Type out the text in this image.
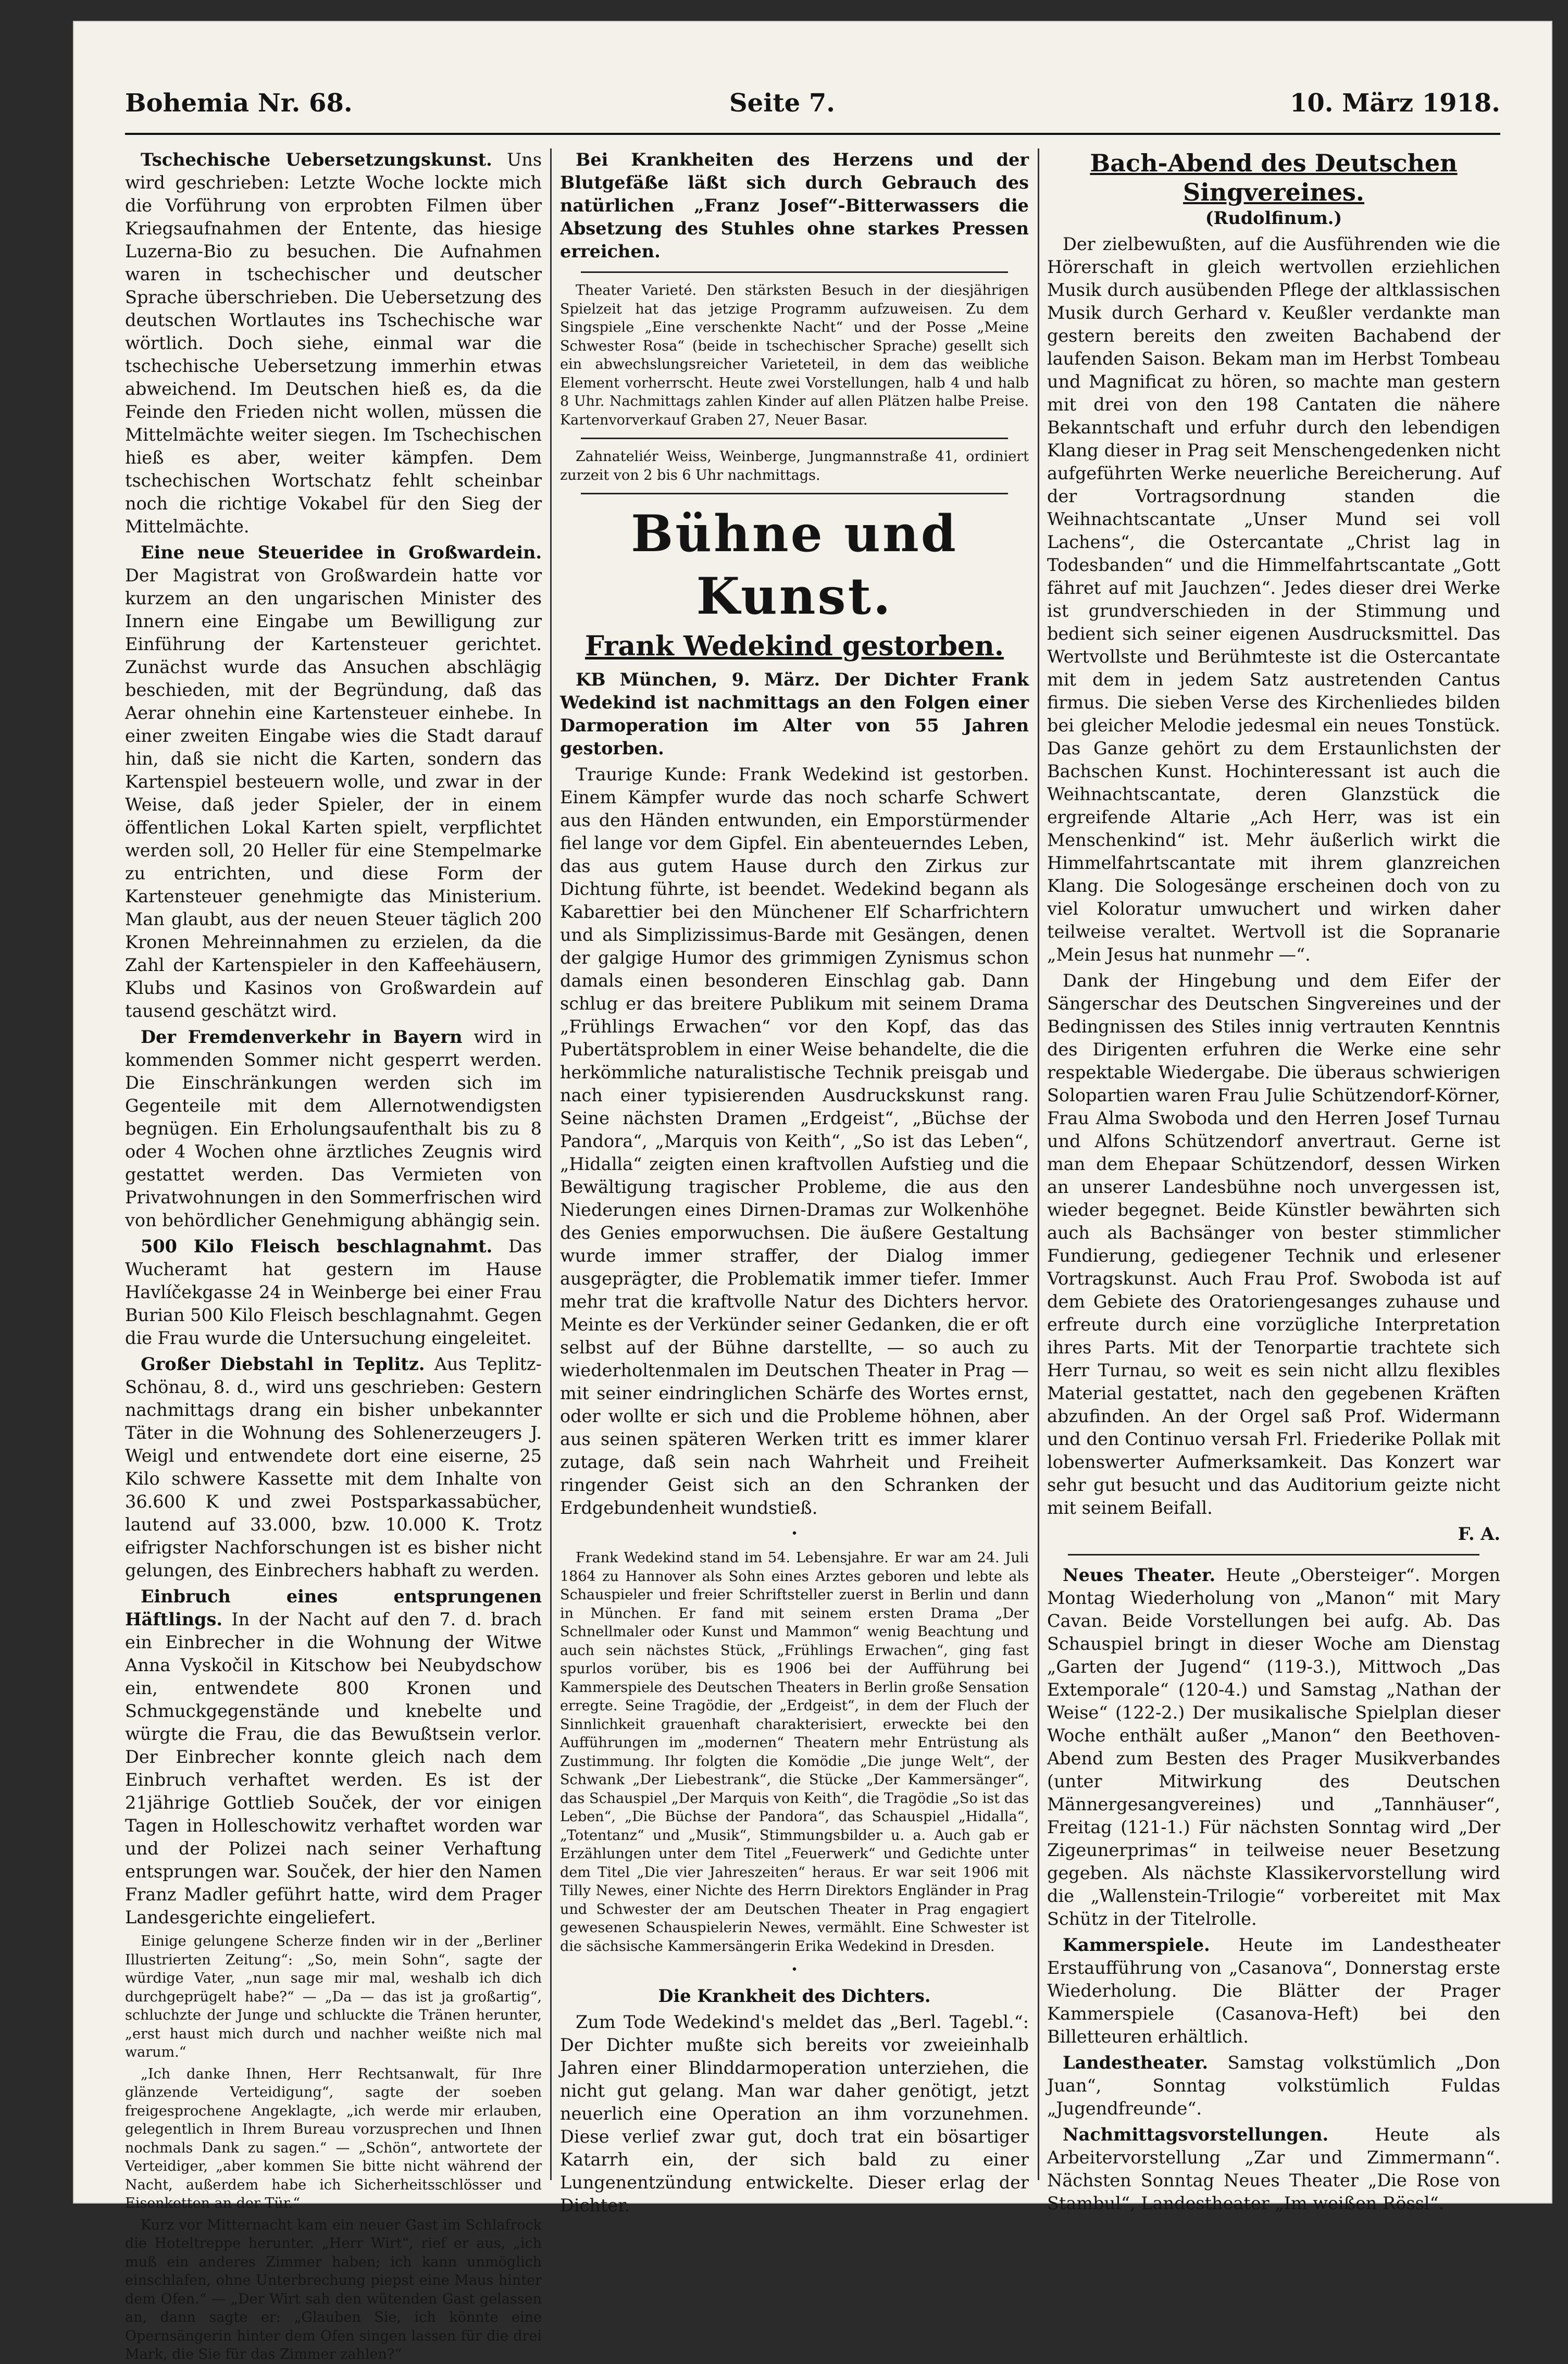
Bohemia Nr. 68.	Seite 7.	10. März 1918.

Tschechische Uebersetzungskunst. Uns wird geschrieben: Letzte Woche lockte mich die Vorführung von erprobten Filmen über Kriegsaufnahmen der Entente, das hiesige Luzerna-Bio zu besuchen. Die Aufnahmen waren in tschechischer und deutscher Sprache überschrieben. Die Uebersetzung des deutschen Wortlautes ins Tschechische war wörtlich. Doch siehe, einmal war die tschechische Uebersetzung immerhin etwas abweichend. Im Deutschen hieß es, da die Feinde den Frieden nicht wollen, müssen die Mittelmächte weiter siegen. Im Tschechischen hieß es aber, weiter kämpfen. Dem tschechischen Wortschatz fehlt scheinbar noch die richtige Vokabel für den Sieg der Mittelmächte.

Eine neue Steueridee in Großwardein. Der Magistrat von Großwardein hatte vor kurzem an den ungarischen Minister des Innern eine Eingabe um Bewilligung zur Einführung der Kartensteuer gerichtet. Zunächst wurde das Ansuchen abschlägig beschieden, mit der Begründung, daß das Aerar ohnehin eine Kartensteuer einhebe. In einer zweiten Eingabe wies die Stadt darauf hin, daß sie nicht die Karten, sondern das Kartenspiel besteuern wolle, und zwar in der Weise, daß jeder Spieler, der in einem öffentlichen Lokal Karten spielt, verpflichtet werden soll, 20 Heller für eine Stempelmarke zu entrichten, und diese Form der Kartensteuer genehmigte das Ministerium. Man glaubt, aus der neuen Steuer täglich 200 Kronen Mehreinnahmen zu erzielen, da die Zahl der Kartenspieler in den Kaffeehäusern, Klubs und Kasinos von Großwardein auf tausend geschätzt wird.

Der Fremdenverkehr in Bayern wird in kommenden Sommer nicht gesperrt werden. Die Einschränkungen werden sich im Gegenteile mit dem Allernotwendigsten begnügen. Ein Erholungsaufenthalt bis zu 8 oder 4 Wochen ohne ärztliches Zeugnis wird gestattet werden. Das Vermieten von Privatwohnungen in den Sommerfrischen wird von behördlicher Genehmigung abhängig sein.

500 Kilo Fleisch beschlagnahmt. Das Wucheramt hat gestern im Hause Havlíčekgasse 24 in Weinberge bei einer Frau Burian 500 Kilo Fleisch beschlagnahmt. Gegen die Frau wurde die Untersuchung eingeleitet.

Großer Diebstahl in Teplitz. Aus Teplitz-Schönau, 8. d., wird uns geschrieben: Gestern nachmittags drang ein bisher unbekannter Täter in die Wohnung des Sohlenerzeugers J. Weigl und entwendete dort eine eiserne, 25 Kilo schwere Kassette mit dem Inhalte von 36.600 K und zwei Postsparkassabücher, lautend auf 33.000, bzw. 10.000 K. Trotz eifrigster Nachforschungen ist es bisher nicht gelungen, des Einbrechers habhaft zu werden.

Einbruch eines entsprungenen Häftlings. In der Nacht auf den 7. d. brach ein Einbrecher in die Wohnung der Witwe Anna Vyskočil in Kitschow bei Neubydschow ein, entwendete 800 Kronen und Schmuckgegenstände und knebelte und würgte die Frau, die das Bewußtsein verlor. Der Einbrecher konnte gleich nach dem Einbruch verhaftet werden. Es ist der 21jährige Gottlieb Souček, der vor einigen Tagen in Holleschowitz verhaftet worden war und der Polizei nach seiner Verhaftung entsprungen war. Souček, der hier den Namen Franz Madler geführt hatte, wird dem Prager Landesgerichte eingeliefert.

Einige gelungene Scherze finden wir in der „Berliner Illustrierten Zeitung“: „So, mein Sohn“, sagte der würdige Vater, „nun sage mir mal, weshalb ich dich durchgeprügelt habe?“ — „Da — das ist ja großartig“, schluchzte der Junge und schluckte die Tränen herunter, „erst haust mich durch und nachher weißte nich mal warum.“

„Ich danke Ihnen, Herr Rechtsanwalt, für Ihre glänzende Verteidigung“, sagte der soeben freigesprochene Angeklagte, „ich werde mir erlauben, gelegentlich in Ihrem Bureau vorzusprechen und Ihnen nochmals Dank zu sagen.“ — „Schön“, antwortete der Verteidiger, „aber kommen Sie bitte nicht während der Nacht, außerdem habe ich Sicherheitsschlösser und Eisenketten an der Tür.“

Kurz vor Mitternacht kam ein neuer Gast im Schlafrock die Hoteltreppe herunter. „Herr Wirt“, rief er aus, „ich muß ein anderes Zimmer haben; ich kann unmöglich einschlafen, ohne Unterbrechung piepst eine Maus hinter dem Ofen.“ — „Der Wirt sah den wütenden Gast gelassen an, dann sagte er: „Glauben Sie, ich könnte eine Opernsängerin hinter dem Ofen singen lassen für die drei Mark, die Sie für das Zimmer zahlen?“

Bei Krankheiten des Herzens und der Blutgefäße läßt sich durch Gebrauch des natürlichen „Franz Josef“-Bitterwassers die Absetzung des Stuhles ohne starkes Pressen erreichen.

Theater Varieté. Den stärksten Besuch in der diesjährigen Spielzeit hat das jetzige Programm aufzuweisen. Zu dem Singspiele „Eine verschenkte Nacht“ und der Posse „Meine Schwester Rosa“ (beide in tschechischer Sprache) gesellt sich ein abwechslungsreicher Varieteteil, in dem das weibliche Element vorherrscht. Heute zwei Vorstellungen, halb 4 und halb 8 Uhr. Nachmittags zahlen Kinder auf allen Plätzen halbe Preise. Kartenvorverkauf Graben 27, Neuer Basar.

Zahnateliér Weiss, Weinberge, Jungmannstraße 41, ordiniert zurzeit von 2 bis 6 Uhr nachmittags.

Bühne und Kunst.
Frank Wedekind gestorben.

KB München, 9. März. Der Dichter Frank Wedekind ist nachmittags an den Folgen einer Darmoperation im Alter von 55 Jahren gestorben.

Traurige Kunde: Frank Wedekind ist gestorben. Einem Kämpfer wurde das noch scharfe Schwert aus den Händen entwunden, ein Emporstürmender fiel lange vor dem Gipfel. Ein abenteuerndes Leben, das aus gutem Hause durch den Zirkus zur Dichtung führte, ist beendet. Wedekind begann als Kabarettier bei den Münchener Elf Scharfrichtern und als Simplizissimus-Barde mit Gesängen, denen der galgige Humor des grimmigen Zynismus schon damals einen besonderen Einschlag gab. Dann schlug er das breitere Publikum mit seinem Drama „Frühlings Erwachen“ vor den Kopf, das das Pubertätsproblem in einer Weise behandelte, die die herkömmliche naturalistische Technik preisgab und nach einer typisierenden Ausdruckskunst rang. Seine nächsten Dramen „Erdgeist“, „Büchse der Pandora“, „Marquis von Keith“, „So ist das Leben“, „Hidalla“ zeigten einen kraftvollen Aufstieg und die Bewältigung tragischer Probleme, die aus den Niederungen eines Dirnen-Dramas zur Wolkenhöhe des Genies emporwuchsen. Die äußere Gestaltung wurde immer straffer, der Dialog immer ausgeprägter, die Problematik immer tiefer. Immer mehr trat die kraftvolle Natur des Dichters hervor. Meinte es der Verkünder seiner Gedanken, die er oft selbst auf der Bühne darstellte, — so auch zu wiederholtenmalen im Deutschen Theater in Prag — mit seiner eindringlichen Schärfe des Wortes ernst, oder wollte er sich und die Probleme höhnen, aber aus seinen späteren Werken tritt es immer klarer zutage, daß sein nach Wahrheit und Freiheit ringender Geist sich an den Schranken der Erdgebundenheit wundstieß.

•

Frank Wedekind stand im 54. Lebensjahre. Er war am 24. Juli 1864 zu Hannover als Sohn eines Arztes geboren und lebte als Schauspieler und freier Schriftsteller zuerst in Berlin und dann in München. Er fand mit seinem ersten Drama „Der Schnellmaler oder Kunst und Mammon“ wenig Beachtung und auch sein nächstes Stück, „Frühlings Erwachen“, ging fast spurlos vorüber, bis es 1906 bei der Aufführung bei Kammerspiele des Deutschen Theaters in Berlin große Sensation erregte. Seine Tragödie, der „Erdgeist“, in dem der Fluch der Sinnlichkeit grauenhaft charakterisiert, erweckte bei den Aufführungen im „modernen“ Theatern mehr Entrüstung als Zustimmung. Ihr folgten die Komödie „Die junge Welt“, der Schwank „Der Liebestrank“, die Stücke „Der Kammersänger“, das Schauspiel „Der Marquis von Keith“, die Tragödie „So ist das Leben“, „Die Büchse der Pandora“, das Schauspiel „Hidalla“, „Totentanz“ und „Musik“, Stimmungsbilder u. a. Auch gab er Erzählungen unter dem Titel „Feuerwerk“ und Gedichte unter dem Titel „Die vier Jahreszeiten“ heraus. Er war seit 1906 mit Tilly Newes, einer Nichte des Herrn Direktors Engländer in Prag und Schwester der am Deutschen Theater in Prag engagiert gewesenen Schauspielerin Newes, vermählt. Eine Schwester ist die sächsische Kammersängerin Erika Wedekind in Dresden.

•

Die Krankheit des Dichters.

Zum Tode Wedekind's meldet das „Berl. Tagebl.“: Der Dichter mußte sich bereits vor zweieinhalb Jahren einer Blinddarmoperation unterziehen, die nicht gut gelang. Man war daher genötigt, jetzt neuerlich eine Operation an ihm vorzunehmen. Diese verlief zwar gut, doch trat ein bösartiger Katarrh ein, der sich bald zu einer Lungenentzündung entwickelte. Dieser erlag der Dichter.

Bach-Abend des Deutschen Singvereines.

(Rudolfinum.)

Der zielbewußten, auf die Ausführenden wie die Hörerschaft in gleich wertvollen erziehlichen Musik durch ausübenden Pflege der altklassischen Musik durch Gerhard v. Keußler verdankte man gestern bereits den zweiten Bachabend der laufenden Saison. Bekam man im Herbst Tombeau und Magnificat zu hören, so machte man gestern mit drei von den 198 Cantaten die nähere Bekanntschaft und erfuhr durch den lebendigen Klang dieser in Prag seit Menschengedenken nicht aufgeführten Werke neuerliche Bereicherung. Auf der Vortragsordnung standen die Weihnachtscantate „Unser Mund sei voll Lachens“, die Ostercantate „Christ lag in Todesbanden“ und die Himmelfahrtscantate „Gott fähret auf mit Jauchzen“. Jedes dieser drei Werke ist grundverschieden in der Stimmung und bedient sich seiner eigenen Ausdrucksmittel. Das Wertvollste und Berühmteste ist die Ostercantate mit dem in jedem Satz austretenden Cantus firmus. Die sieben Verse des Kirchenliedes bilden bei gleicher Melodie jedesmal ein neues Tonstück. Das Ganze gehört zu dem Erstaunlichsten der Bachschen Kunst. Hochinteressant ist auch die Weihnachtscantate, deren Glanzstück die ergreifende Altarie „Ach Herr, was ist ein Menschenkind“ ist. Mehr äußerlich wirkt die Himmelfahrtscantate mit ihrem glanzreichen Klang. Die Sologesänge erscheinen doch von zu viel Koloratur umwuchert und wirken daher teilweise veraltet. Wertvoll ist die Sopranarie „Mein Jesus hat nunmehr —“.

Dank der Hingebung und dem Eifer der Sängerschar des Deutschen Singvereines und der Bedingnissen des Stiles innig vertrauten Kenntnis des Dirigenten erfuhren die Werke eine sehr respektable Wiedergabe. Die überaus schwierigen Solopartien waren Frau Julie Schützendorf-Körner, Frau Alma Swoboda und den Herren Josef Turnau und Alfons Schützendorf anvertraut. Gerne ist man dem Ehepaar Schützendorf, dessen Wirken an unserer Landesbühne noch unvergessen ist, wieder begegnet. Beide Künstler bewährten sich auch als Bachsänger von bester stimmlicher Fundierung, gediegener Technik und erlesener Vortragskunst. Auch Frau Prof. Swoboda ist auf dem Gebiete des Oratoriengesanges zuhause und erfreute durch eine vorzügliche Interpretation ihres Parts. Mit der Tenorpartie trachtete sich Herr Turnau, so weit es sein nicht allzu flexibles Material gestattet, nach den gegebenen Kräften abzufinden. An der Orgel saß Prof. Widermann und den Continuo versah Frl. Friederike Pollak mit lobenswerter Aufmerksamkeit. Das Konzert war sehr gut besucht und das Auditorium geizte nicht mit seinem Beifall.

F. A.

Neues Theater. Heute „Obersteiger“. Morgen Montag Wiederholung von „Manon“ mit Mary Cavan. Beide Vorstellungen bei aufg. Ab. Das Schauspiel bringt in dieser Woche am Dienstag „Garten der Jugend“ (119-3.), Mittwoch „Das Extemporale“ (120-4.) und Samstag „Nathan der Weise“ (122-2.) Der musikalische Spielplan dieser Woche enthält außer „Manon“ den Beethoven-Abend zum Besten des Prager Musikverbandes (unter Mitwirkung des Deutschen Männergesangvereines) und „Tannhäuser“, Freitag (121-1.) Für nächsten Sonntag wird „Der Zigeunerprimas“ in teilweise neuer Besetzung gegeben. Als nächste Klassikervorstellung wird die „Wallenstein-Trilogie“ vorbereitet mit Max Schütz in der Titelrolle.

Kammerspiele. Heute im Landestheater Erstaufführung von „Casanova“, Donnerstag erste Wiederholung. Die Blätter der Prager Kammerspiele (Casanova-Heft) bei den Billetteuren erhältlich.

Landestheater. Samstag volkstümlich „Don Juan“, Sonntag volkstümlich Fuldas „Jugendfreunde“.

Nachmittagsvorstellungen.	Heute als Arbeitervorstellung „Zar und Zimmermann“. Nächsten Sonntag Neues Theater „Die Rose von Stambul“, Landestheater „Im weißen Rössl“.
